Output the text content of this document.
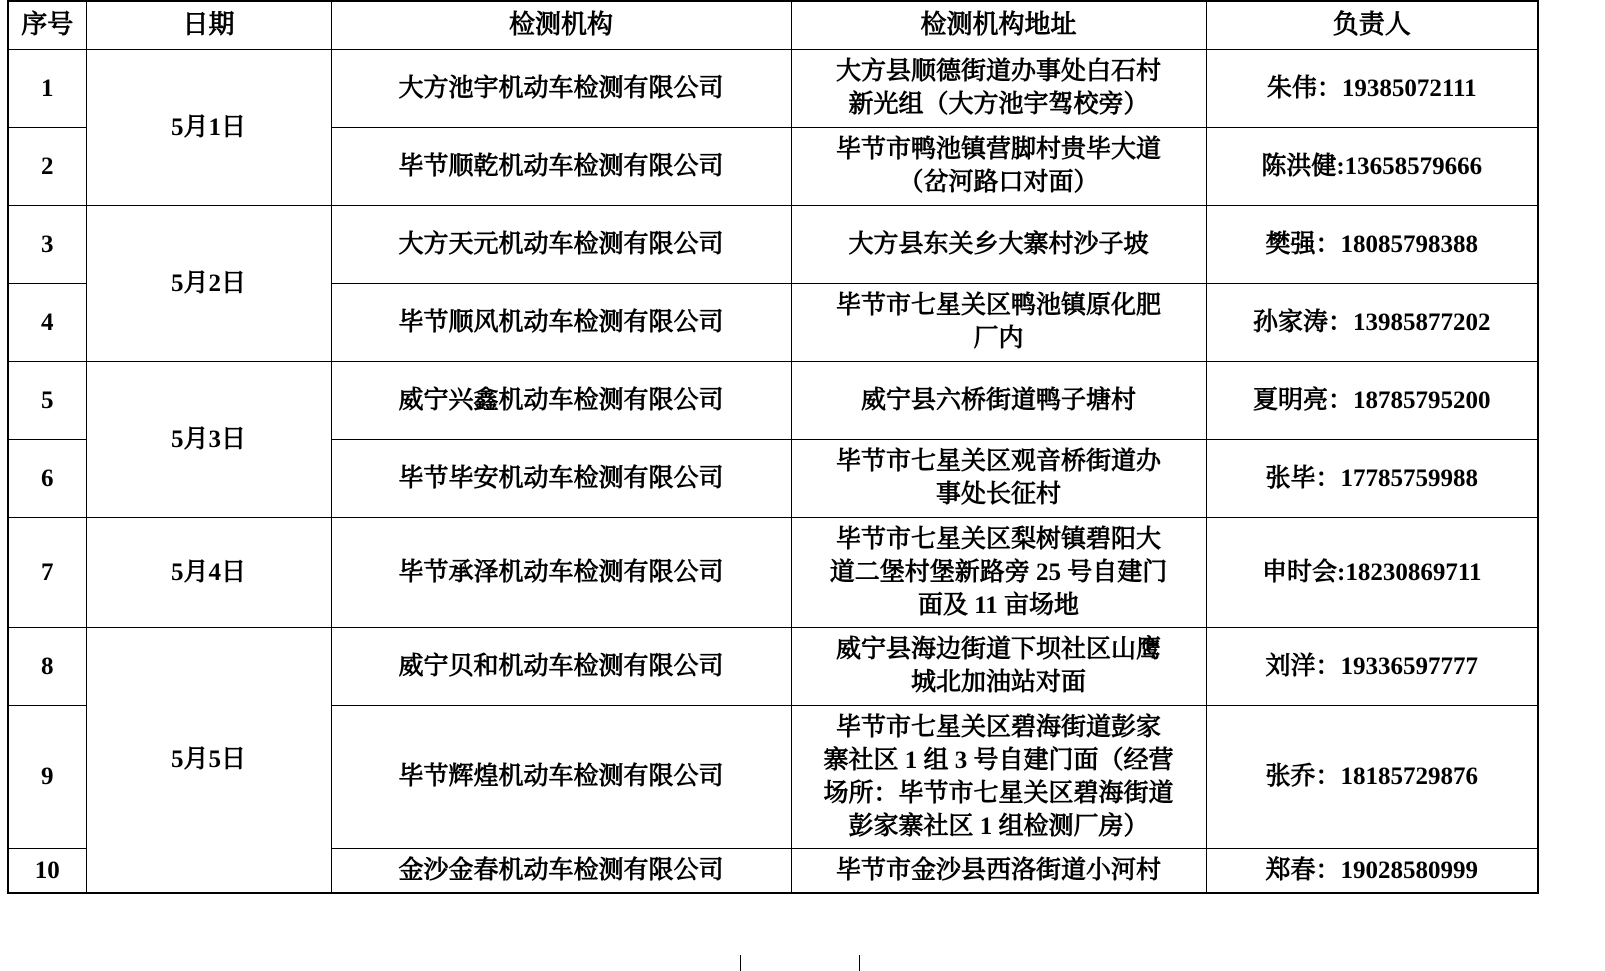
序号	日期	检测机构	检测机构地址	负责人
1	5月1日	大方池宇机动车检测有限公司	大方县顺德街道办事处白石村
新光组（大方池宇驾校旁）	朱伟：19385072111
2		毕节顺乾机动车检测有限公司	毕节市鸭池镇营脚村贵毕大道
（岔河路口对面）	陈洪健:13658579666
3	5月2日	大方天元机动车检测有限公司	大方县东关乡大寨村沙子坡	樊强：18085798388
4		毕节顺风机动车检测有限公司	毕节市七星关区鸭池镇原化肥
厂内	孙家涛：13985877202
5	5月3日	威宁兴鑫机动车检测有限公司	威宁县六桥街道鸭子塘村	夏明亮：18785795200
6		毕节毕安机动车检测有限公司	毕节市七星关区观音桥街道办
事处长征村	张毕：17785759988
7	5月4日	毕节承泽机动车检测有限公司	毕节市七星关区梨树镇碧阳大
道二堡村堡新路旁 25 号自建门
面及 11 亩场地	申时会:18230869711
8	5月5日	威宁贝和机动车检测有限公司	威宁县海边街道下坝社区山鹰
城北加油站对面	刘洋：19336597777
9		毕节辉煌机动车检测有限公司	毕节市七星关区碧海街道彭家
寨社区 1 组 3 号自建门面（经营
场所：毕节市七星关区碧海街道
彭家寨社区 1 组检测厂房）	张乔：18185729876
10		金沙金春机动车检测有限公司	毕节市金沙县西洛街道小河村	郑春：19028580999
